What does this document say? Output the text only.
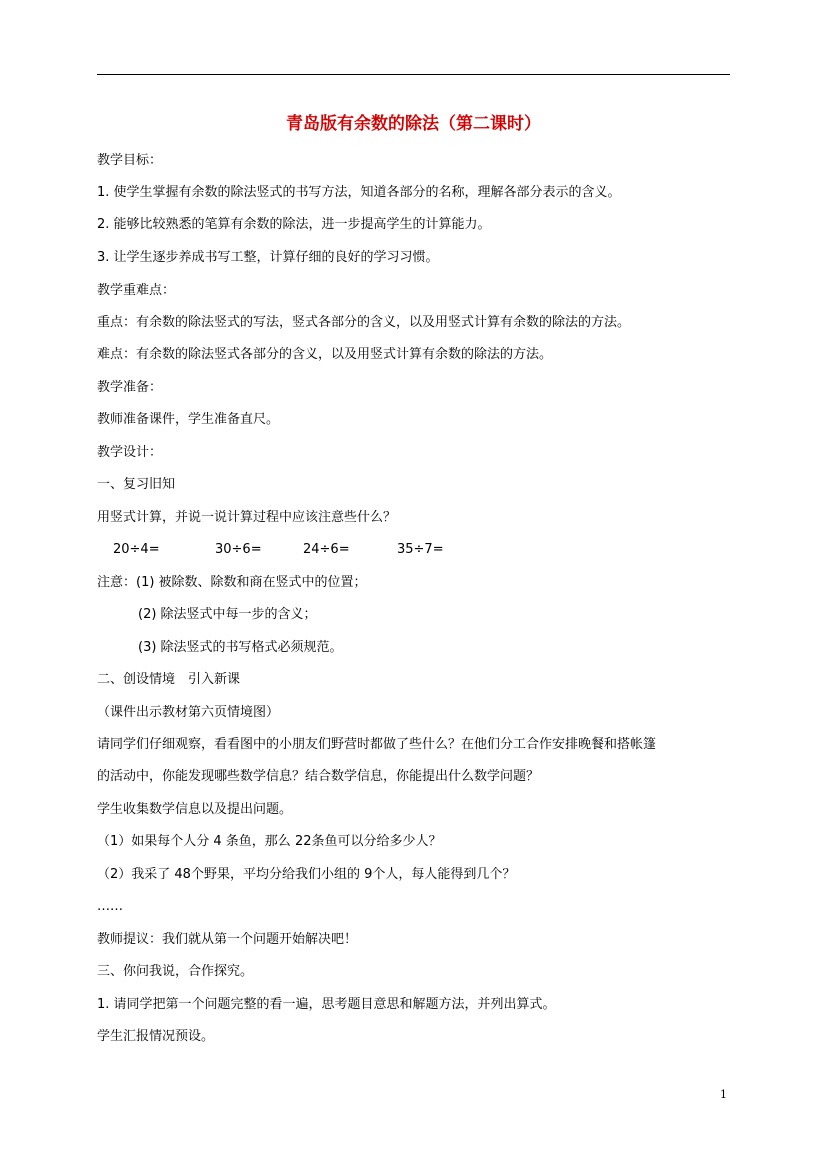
青岛版有余数的除法（第二课时）
教学目标：
1. 使学生掌握有余数的除法竖式的书写方法，知道各部分的名称，理解各部分表示的含义。
2. 能够比较熟悉的笔算有余数的除法，进一步提高学生的计算能力。
3. 让学生逐步养成书写工整，计算仔细的良好的学习习惯。
教学重难点：
重点：有余数的除法竖式的写法，竖式各部分的含义，以及用竖式计算有余数的除法的方法。
难点：有余数的除法竖式各部分的含义，以及用竖式计算有余数的除法的方法。
教学准备：
教师准备课件，学生准备直尺。
教学设计：
一、复习旧知
用竖式计算，并说一说计算过程中应该注意些什么？
20÷4=	30÷6=	24÷6=	35÷7=
注意：(1) 被除数、除数和商在竖式中的位置；
(2) 除法竖式中每一步的含义；
(3) 除法竖式的书写格式必须规范。
二、创设情境　引入新课
（课件出示教材第六页情境图）
请同学们仔细观察，看看图中的小朋友们野营时都做了些什么？在他们分工合作安排晚餐和搭帐篷
的活动中，你能发现哪些数学信息？结合数学信息，你能提出什么数学问题？
学生收集数学信息以及提出问题。
（1）如果每个人分 4 条鱼，那么 22条鱼可以分给多少人？
（2）我采了 48个野果，平均分给我们小组的 9个人，每人能得到几个？
……
教师提议：我们就从第一个问题开始解决吧！
三、你问我说，合作探究。
1. 请同学把第一个问题完整的看一遍，思考题目意思和解题方法，并列出算式。
学生汇报情况预设。
1
